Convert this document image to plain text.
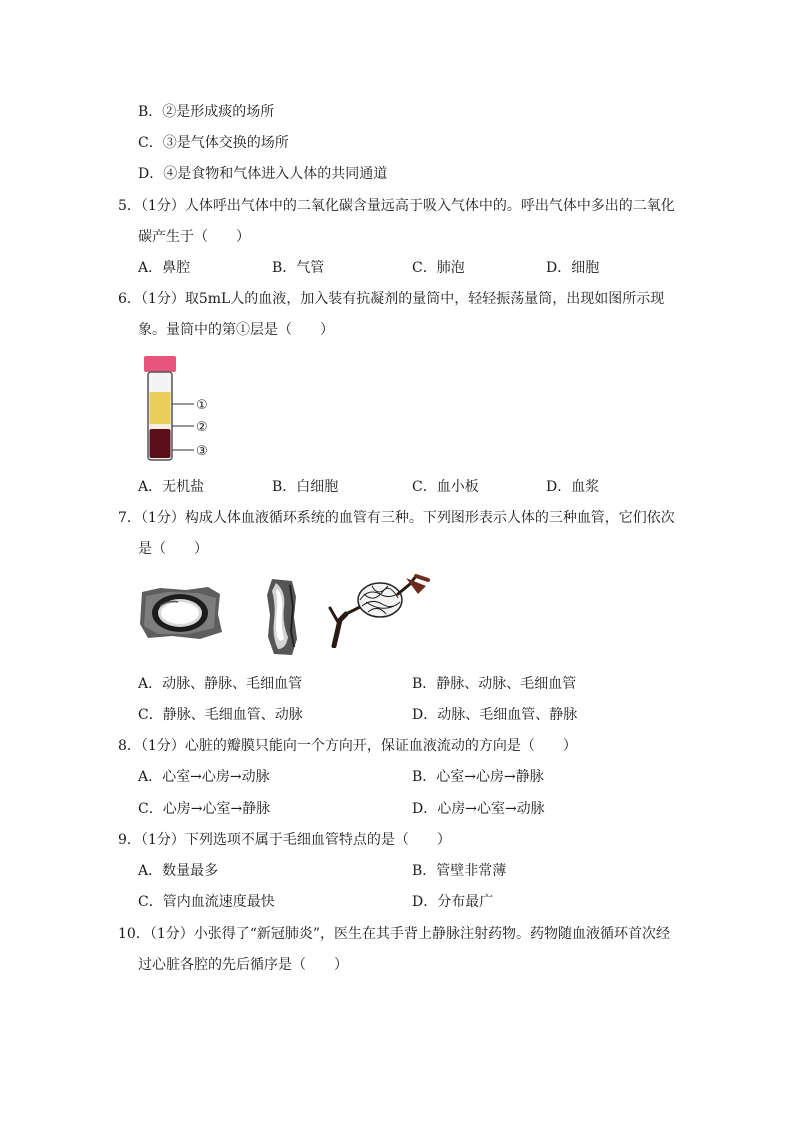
B．②是形成痰的场所
C．③是气体交换的场所
D．④是食物和气体进入人体的共同通道
5．（1分）人体呼出气体中的二氧化碳含量远高于吸入气体中的。呼出气体中多出的二氧化
碳产生于（　　）
A．鼻腔	B．气管	C．肺泡	D．细胞
6．（1分）取5mL人的血液，加入装有抗凝剂的量筒中，轻轻振荡量筒，出现如图所示现
象。量筒中的第①层是（　　）
①
②
③
A．无机盐	B．白细胞	C．血小板	D．血浆
7．（1分）构成人体血液循环系统的血管有三种。下列图形表示人体的三种血管，它们依次
是（　　）
A．动脉、静脉、毛细血管	B．静脉、动脉、毛细血管
C．静脉、毛细血管、动脉	D．动脉、毛细血管、静脉
8．（1分）心脏的瓣膜只能向一个方向开，保证血液流动的方向是（　　）
A．心室→心房→动脉	B．心室→心房→静脉
C．心房→心室→静脉	D．心房→心室→动脉
9．（1分）下列选项不属于毛细血管特点的是（　　）
A．数量最多	B．管壁非常薄
C．管内血流速度最快	D．分布最广
10．（1分）小张得了“新冠肺炎”，医生在其手背上静脉注射药物。药物随血液循环首次经
过心脏各腔的先后循序是（　　）
